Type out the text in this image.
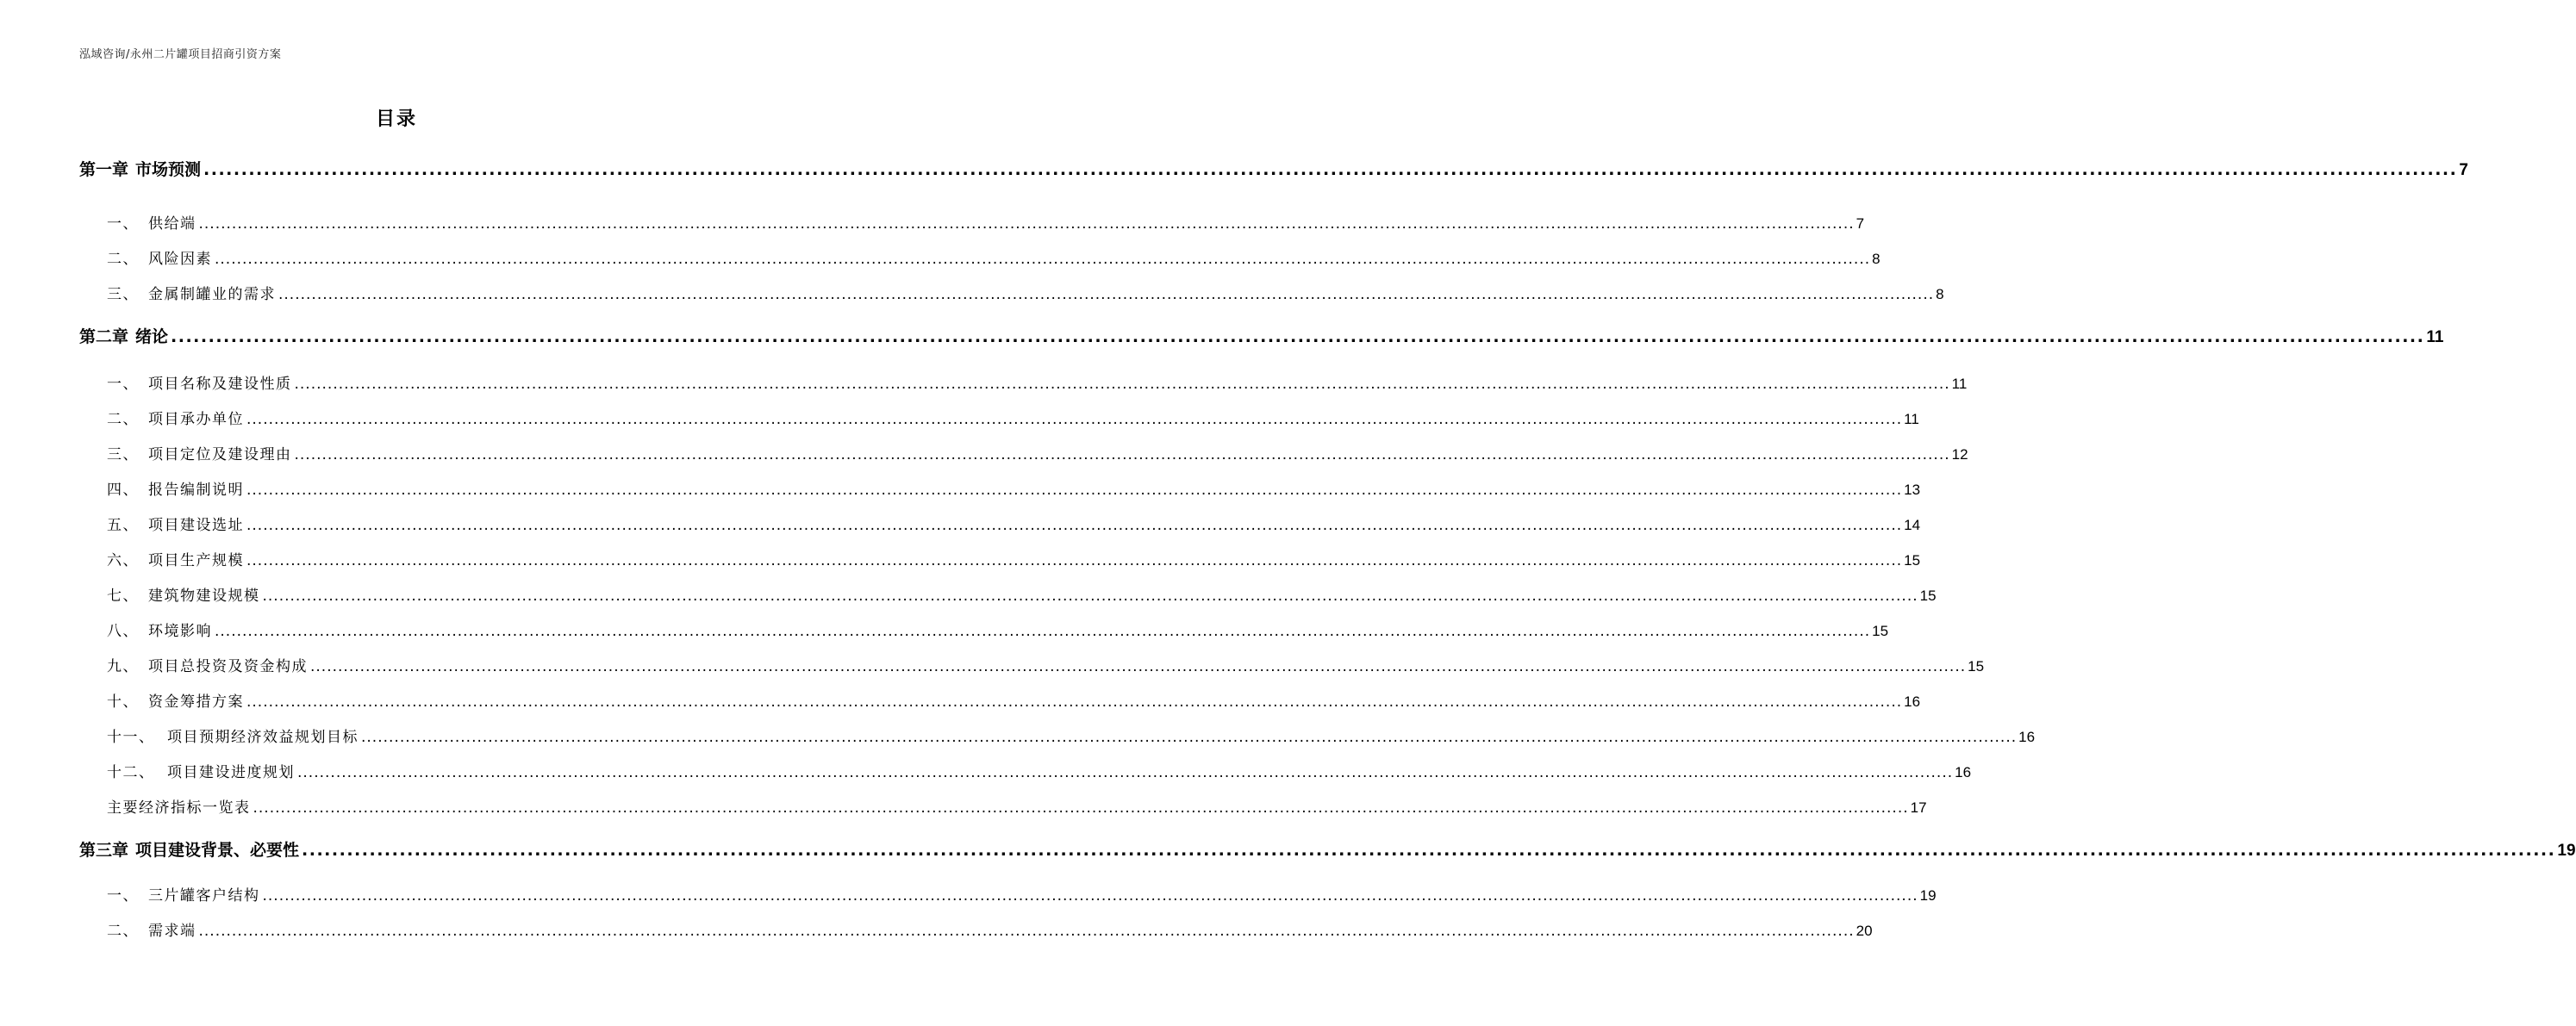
泓域咨询/永州二片罐项目招商引资方案
目录
第一章 市场预测 ............................................................................................................................................................................................................................................................................................................ 7
一、 供给端 ............................................................................................................................................................................................................................................................................................................ 7
二、 风险因素 ............................................................................................................................................................................................................................................................................................................ 8
三、 金属制罐业的需求 ............................................................................................................................................................................................................................................................................................................ 8
第二章 绪论 ............................................................................................................................................................................................................................................................................................................ 11
一、 项目名称及建设性质 ............................................................................................................................................................................................................................................................................................................ 11
二、 项目承办单位 ............................................................................................................................................................................................................................................................................................................ 11
三、 项目定位及建设理由 ............................................................................................................................................................................................................................................................................................................ 12
四、 报告编制说明 ............................................................................................................................................................................................................................................................................................................ 13
五、 项目建设选址 ............................................................................................................................................................................................................................................................................................................ 14
六、 项目生产规模 ............................................................................................................................................................................................................................................................................................................ 15
七、 建筑物建设规模 ............................................................................................................................................................................................................................................................................................................ 15
八、 环境影响 ............................................................................................................................................................................................................................................................................................................ 15
九、 项目总投资及资金构成 ............................................................................................................................................................................................................................................................................................................ 15
十、 资金筹措方案 ............................................................................................................................................................................................................................................................................................................ 16
十一、 项目预期经济效益规划目标 ............................................................................................................................................................................................................................................................................................................ 16
十二、 项目建设进度规划 ............................................................................................................................................................................................................................................................................................................ 16
主要经济指标一览表 ............................................................................................................................................................................................................................................................................................................ 17
第三章 项目建设背景、必要性 ............................................................................................................................................................................................................................................................................................................ 19
一、 三片罐客户结构 ............................................................................................................................................................................................................................................................................................................ 19
二、 需求端 ............................................................................................................................................................................................................................................................................................................ 20
